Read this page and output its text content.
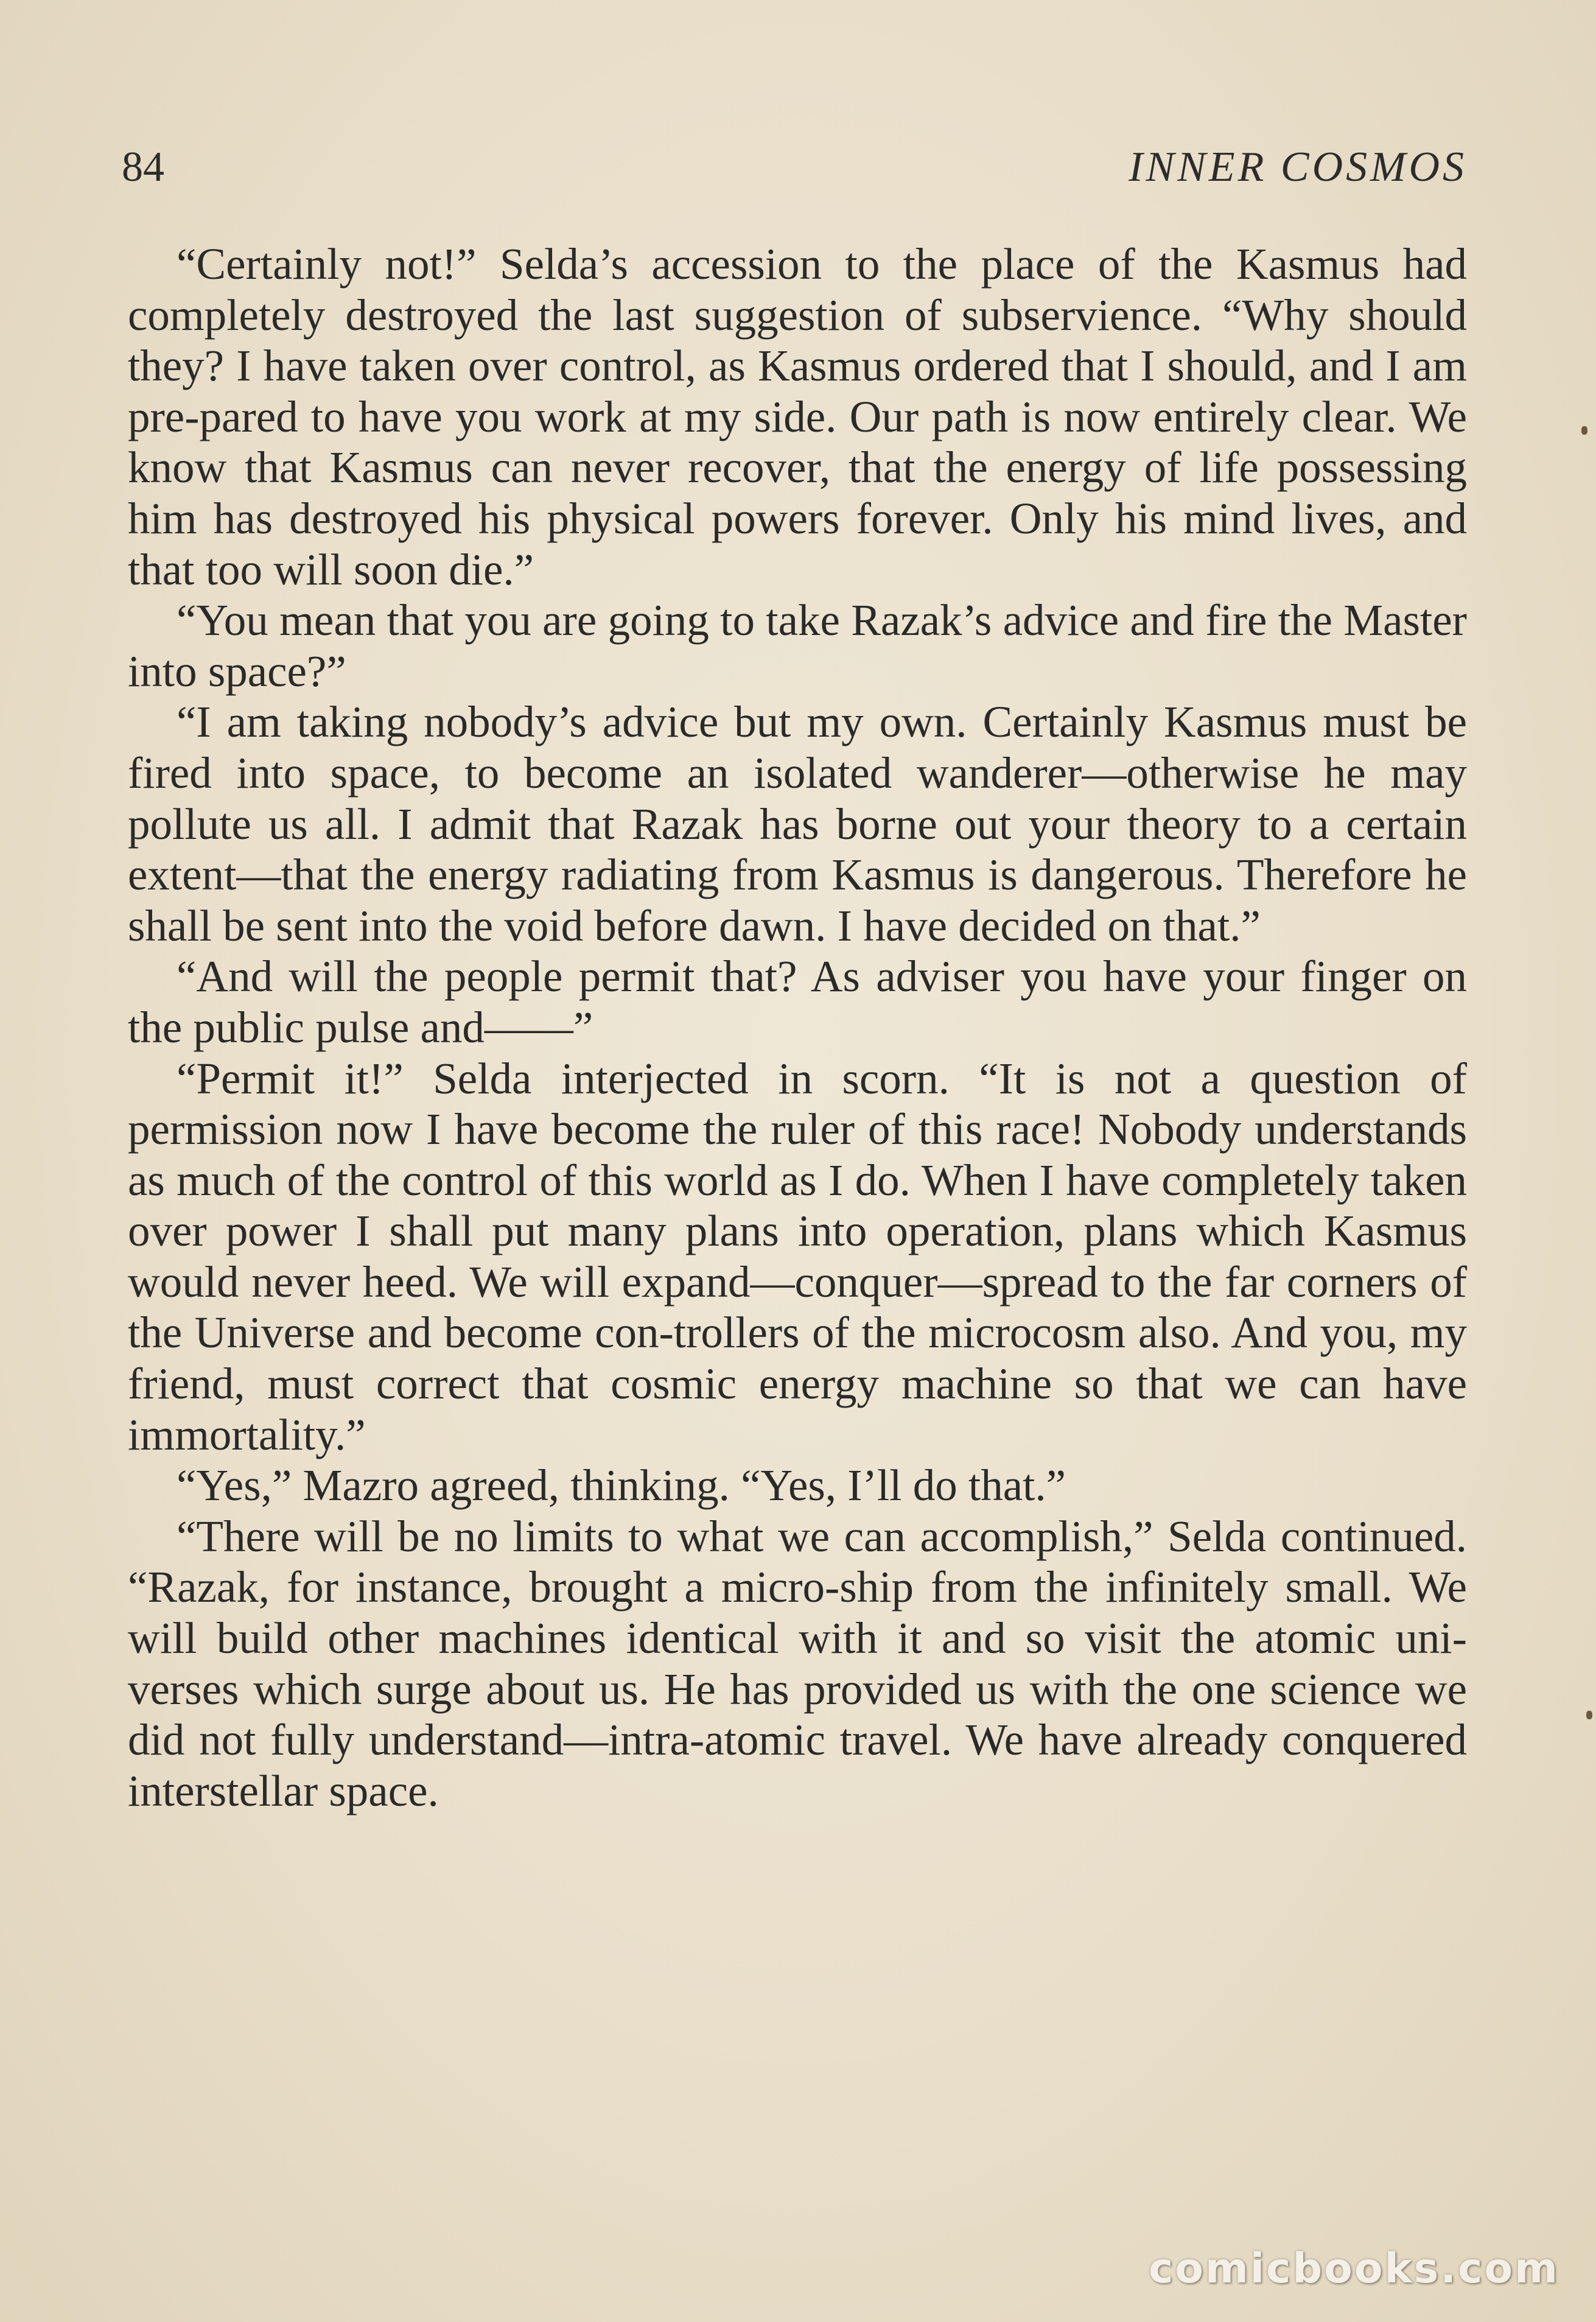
84	INNER COSMOS

“Certainly not!” Selda’s accession to the place of the Kasmus had completely destroyed the last suggestion of subservience. “Why should they? I have taken over control, as Kasmus ordered that I should, and I am pre-pared to have you work at my side. Our path is now entirely clear. We know that Kasmus can never recover, that the energy of life possessing him has destroyed his physical powers forever. Only his mind lives, and that too will soon die.”

“You mean that you are going to take Razak’s advice and fire the Master into space?”

“I am taking nobody’s advice but my own. Certainly Kasmus must be fired into space, to become an isolated wanderer—otherwise he may pollute us all. I admit that Razak has borne out your theory to a certain extent—that the energy radiating from Kasmus is dangerous. Therefore he shall be sent into the void before dawn. I have decided on that.”

“And will the people permit that? As adviser you have your finger on the public pulse and——”

“Permit it!” Selda interjected in scorn. “It is not a question of permission now I have become the ruler of this race! Nobody understands as much of the control of this world as I do. When I have completely taken over power I shall put many plans into operation, plans which Kasmus would never heed. We will expand—conquer—spread to the far corners of the Universe and become con-trollers of the microcosm also. And you, my friend, must correct that cosmic energy machine so that we can have immortality.”

“Yes,” Mazro agreed, thinking. “Yes, I’ll do that.”

“There will be no limits to what we can accomplish,” Selda continued. “Razak, for instance, brought a micro-ship from the infinitely small. We will build other machines identical with it and so visit the atomic uni-verses which surge about us. He has provided us with the one science we did not fully understand—intra-atomic travel. We have already conquered interstellar space.

comicbooks.com
